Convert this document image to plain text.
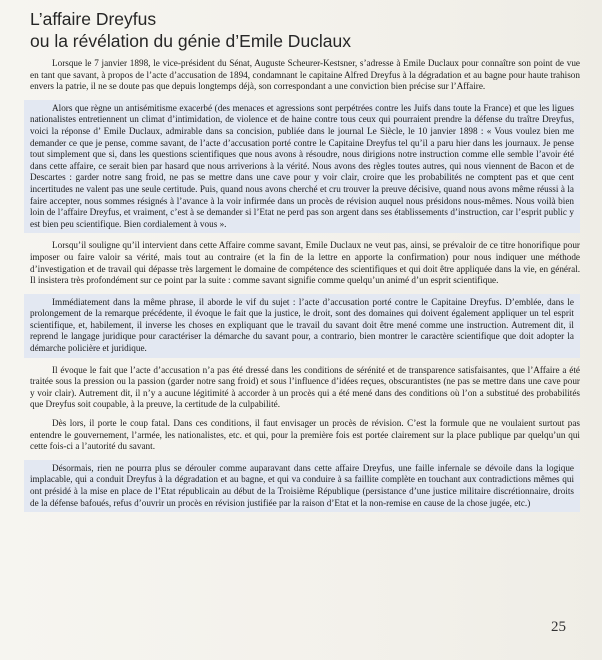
L’affaire Dreyfus
ou la révélation du génie d’Emile Duclaux

Lorsque le 7 janvier 1898, le vice-président du Sénat, Auguste Scheurer-Kestsner, s’adresse à Emile Duclaux pour connaître son point de vue en tant que savant, à propos de l’acte d’accusation de 1894, condamnant le capitaine Alfred Dreyfus à la dégradation et au bagne pour haute trahison envers la patrie, il ne se doute pas que depuis longtemps déjà, son correspondant a une conviction bien précise sur l’Affaire.

Alors que règne un antisémitisme exacerbé (des menaces et agressions sont perpétrées contre les Juifs dans toute la France) et que les ligues nationalistes entretiennent un climat d’intimidation, de violence et de haine contre tous ceux qui pourraient prendre la défense du traître Dreyfus, voici la réponse d’ Emile Duclaux, admirable dans sa concision, publiée dans le journal Le Siècle, le 10 janvier 1898 : « Vous voulez bien me demander ce que je pense, comme savant, de l’acte d’accusation porté contre le Capitaine Dreyfus tel qu’il a paru hier dans les journaux. Je pense tout simplement que si, dans les questions scientifiques que nous avons à résoudre, nous dirigions notre instruction comme elle semble l’avoir été dans cette affaire, ce serait bien par hasard que nous arriverions à la vérité. Nous avons des règles toutes autres, qui nous viennent de Bacon et de Descartes : garder notre sang froid, ne pas se mettre dans une cave pour y voir clair, croire que les probabilités ne comptent pas et que cent incertitudes ne valent pas une seule certitude. Puis, quand nous avons cherché et cru trouver la preuve décisive, quand nous avons même réussi à la faire accepter, nous sommes résignés à l’avance à la voir infirmée dans un procès de révision auquel nous présidons nous-mêmes. Nous voilà bien loin de l’affaire Dreyfus, et vraiment, c’est à se demander si l’Etat ne perd pas son argent dans ses établissements d’instruction, car l’esprit public y est bien peu scientifique. Bien cordialement à vous ».

Lorsqu’il souligne qu’il intervient dans cette Affaire comme savant, Emile Duclaux ne veut pas, ainsi, se prévaloir de ce titre honorifique pour imposer ou faire valoir sa vérité, mais tout au contraire (et la fin de la lettre en apporte la confirmation) pour nous indiquer une méthode d’investigation et de travail qui dépasse très largement le domaine de compétence des scientifiques et qui doit être appliquée dans la vie, en général. Il insistera très profondément sur ce point par la suite : comme savant signifie comme quelqu’un animé d’un esprit scientifique.

Immédiatement dans la même phrase, il aborde le vif du sujet : l’acte d’accusation porté contre le Capitaine Dreyfus. D’emblée, dans le prolongement de la remarque précédente, il évoque le fait que la justice, le droit, sont des domaines qui doivent également appliquer un tel esprit scientifique, et, habilement, il inverse les choses en expliquant que le travail du savant doit être mené comme une instruction. Autrement dit, il reprend le langage juridique pour caractériser la démarche du savant pour, a contrario, bien montrer le caractère scientifique que doit adopter la démarche policière et juridique.

Il évoque le fait que l’acte d’accusation n’a pas été dressé dans les conditions de sérénité et de transparence satisfaisantes, que l’Affaire a été traitée sous la pression ou la passion (garder notre sang froid) et sous l’influence d’idées reçues, obscurantistes (ne pas se mettre dans une cave pour y voir clair). Autrement dit, il n’y a aucune légitimité à accorder à un procès qui a été mené dans des conditions où l’on a substitué des probabilités que Dreyfus soit coupable, à la preuve, la certitude de la culpabilité.

Dès lors, il porte le coup fatal. Dans ces conditions, il faut envisager un procès de révision. C’est la formule que ne voulaient surtout pas entendre le gouvernement, l’armée, les nationalistes, etc. et qui, pour la première fois est portée clairement sur la place publique par quelqu’un qui cette fois-ci a l’autorité du savant.

Désormais, rien ne pourra plus se dérouler comme auparavant dans cette affaire Dreyfus, une faille infernale se dévoile dans la logique implacable, qui a conduit Dreyfus à la dégradation et au bagne, et qui va conduire à sa faillite complète en touchant aux contradictions mêmes qui ont présidé à la mise en place de l’Etat républicain au début de la Troisième République (persistance d’une justice militaire discrétionnaire, droits de la défense bafoués, refus d’ouvrir un procès en révision justifiée par la raison d’Etat et la non-remise en cause de la chose jugée, etc.)

25
